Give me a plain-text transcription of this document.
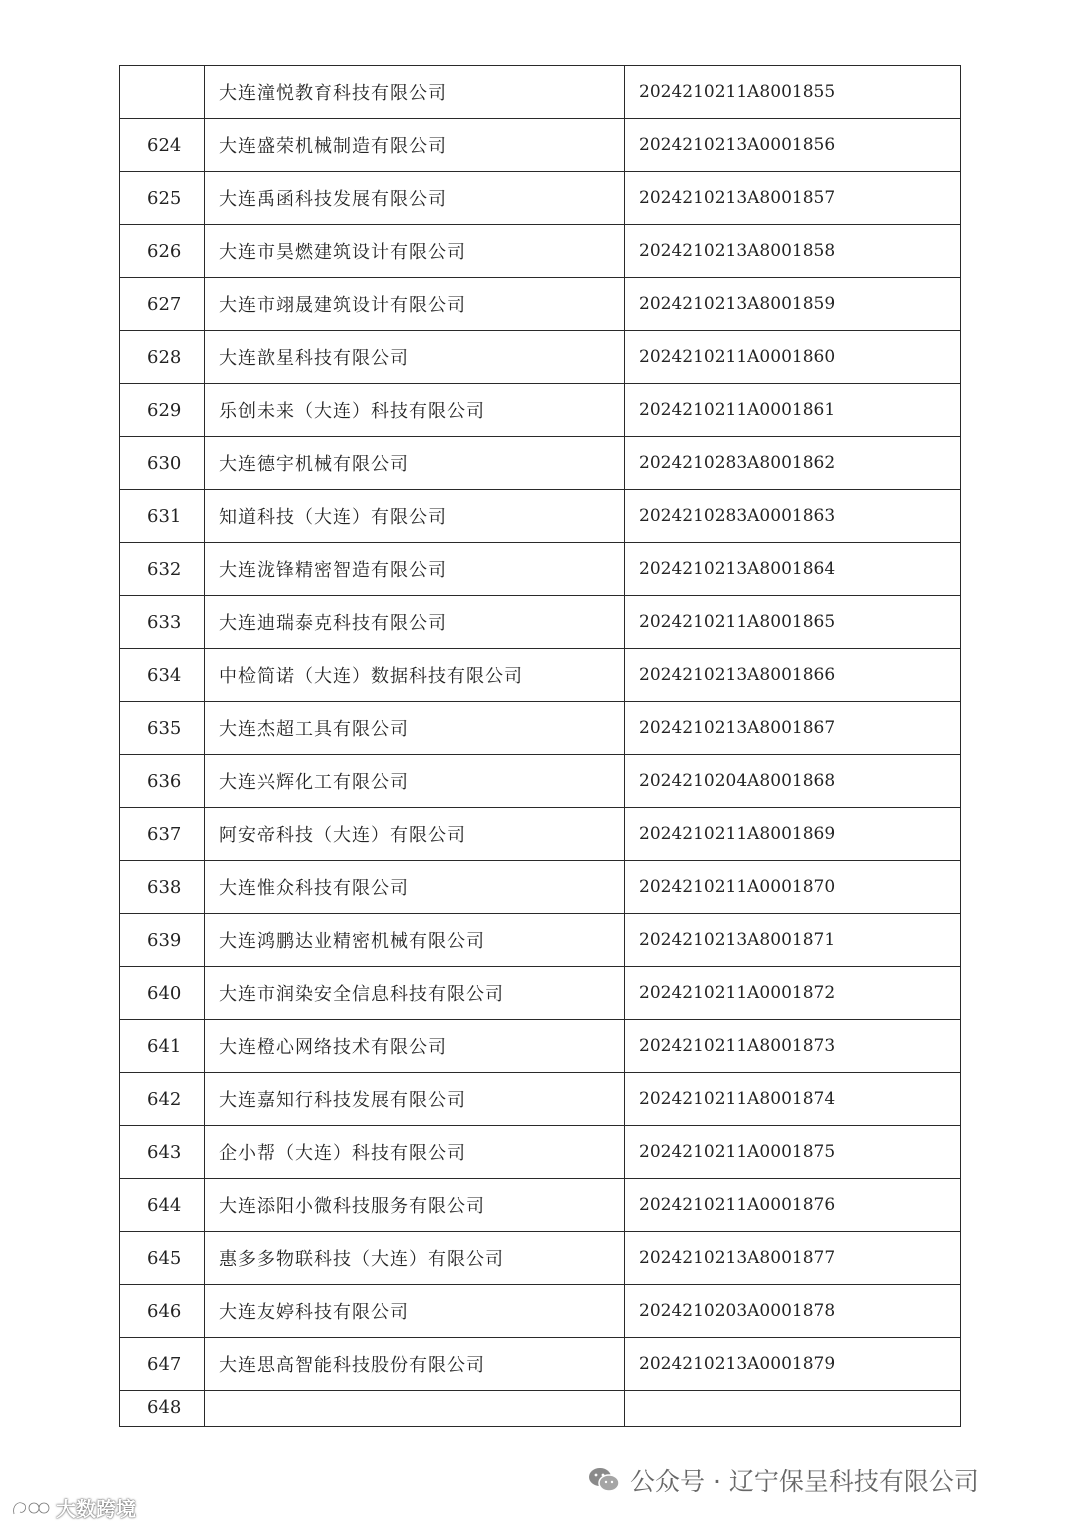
	大连潼悦教育科技有限公司	2024210211A8001855
624	大连盛荣机械制造有限公司	2024210213A0001856
625	大连禹函科技发展有限公司	2024210213A8001857
626	大连市昊燃建筑设计有限公司	2024210213A8001858
627	大连市翊晟建筑设计有限公司	2024210213A8001859
628	大连歆星科技有限公司	2024210211A0001860
629	乐创未来（大连）科技有限公司	2024210211A0001861
630	大连德宇机械有限公司	2024210283A8001862
631	知道科技（大连）有限公司	2024210283A0001863
632	大连泷锋精密智造有限公司	2024210213A8001864
633	大连迪瑞泰克科技有限公司	2024210211A8001865
634	中检简诺（大连）数据科技有限公司	2024210213A8001866
635	大连杰超工具有限公司	2024210213A8001867
636	大连兴辉化工有限公司	2024210204A8001868
637	阿安帝科技（大连）有限公司	2024210211A8001869
638	大连惟众科技有限公司	2024210211A0001870
639	大连鸿鹏达业精密机械有限公司	2024210213A8001871
640	大连市润染安全信息科技有限公司	2024210211A0001872
641	大连橙心网络技术有限公司	2024210211A8001873
642	大连嘉知行科技发展有限公司	2024210211A8001874
643	企小帮（大连）科技有限公司	2024210211A0001875
644	大连添阳小微科技服务有限公司	2024210211A0001876
645	惠多多物联科技（大连）有限公司	2024210213A8001877
646	大连友婷科技有限公司	2024210203A0001878
647	大连思高智能科技股份有限公司	2024210213A0001879
648		
公众号 · 辽宁保呈科技有限公司
大数跨境
